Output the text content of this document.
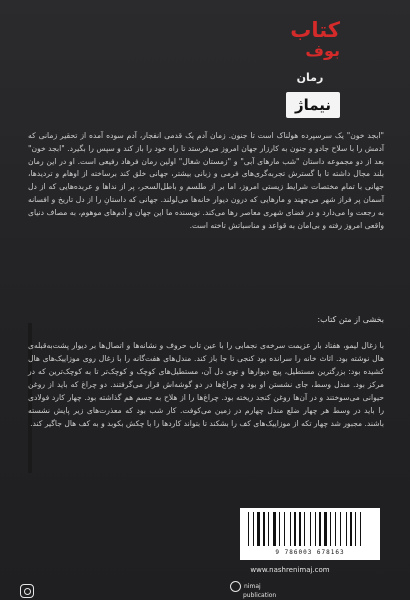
کتاب
بوف
رمان
نیماژ

"ابجد خون" یک سرسپرده هولناک است تا جنون. زمان آدم یک قدمی انفجار، آدم سوده آمده از تحقیر زمانی که آدمش را با سلاح جادو و جنون به کارزار جهان امروز می‌فرستد تا راه خود را باز کند و سپس را بگیرد. "ابجد خون" بعد از دو مجموعه داستان "شب مارهای آبی" و "زمستان شغال" اولین رمان فرهاد رفیعی است. او در این رمان بلند مجال داشته تا با گسترش تجربه‌گری‌های فرمی و زبانی بیشتر، جهانی خلق کند برساخته از اوهام و تردیدها، جهانی با تمام مختصات شرایط زیستی امروز، اما بر از طلسم و باطل‌السحر، پر از ندا‌ها و عربده‌هایی که از دل آسمان پر فراز شهر می‌جهند و مارهایی که درون دیوار خانه‌ها می‌لولند. جهانی که داستانِ را از دل تاریخ و افسانه به رجعت وا می‌دارد و در فضای شهری معاصر رها می‌کند. نویسنده ما این جهان و آدم‌های موهوم، به مصاف دنیای واقعی امروز رفته و بی‌امان به قواعد و مناسباتش تاخته است.

بخشی از متن کتاب:
با زغال لیمو، هفتاد بار عزیمت سرخه‌ی نجمابی را با عین تاب حروف و نشانه‌ها و اتصال‌ها بر دیوار پشت‌به‌قبله‌ی هال نوشته بود. اثاث خانه را سرانده بود کنجی تا جا باز کند. مندل‌های هفت‌گانه را با زغال روی موزاییک‌های هال کشیده بود: بزرگترین مستطیل، پیچ دیوارها و توی دل آن، مستطیل‌های کوچک و کوچک‌تر تا به کوچک‌ترین که در مرکز بود. مندل وسط، جای نشستن او بود و چراغ‌ها در دو گوشه‌اش قرار می‌گرفتند. دو چراغ که باید از روغن حیوانی می‌سوختند و در آن‌ها روغن کنجد ریخته بود. چراغ‌ها را از هلاح به جسم هم گذاشته بود. چهار کارد فولادی را باید در وسط هر چهار ضلع مندل چهارم در زمین می‌کوفت. کار شب بود که معذرت‌های زیر پایش نشسته باشند. مجبور شد چهار تکه از موزاییک‌های کف را بشکند تا بتواند کاردها را با چکش بکوبد و به کف هال جاگیر کند.
9 786003 678163
www.nashrenimaj.com
nimaj
publication
